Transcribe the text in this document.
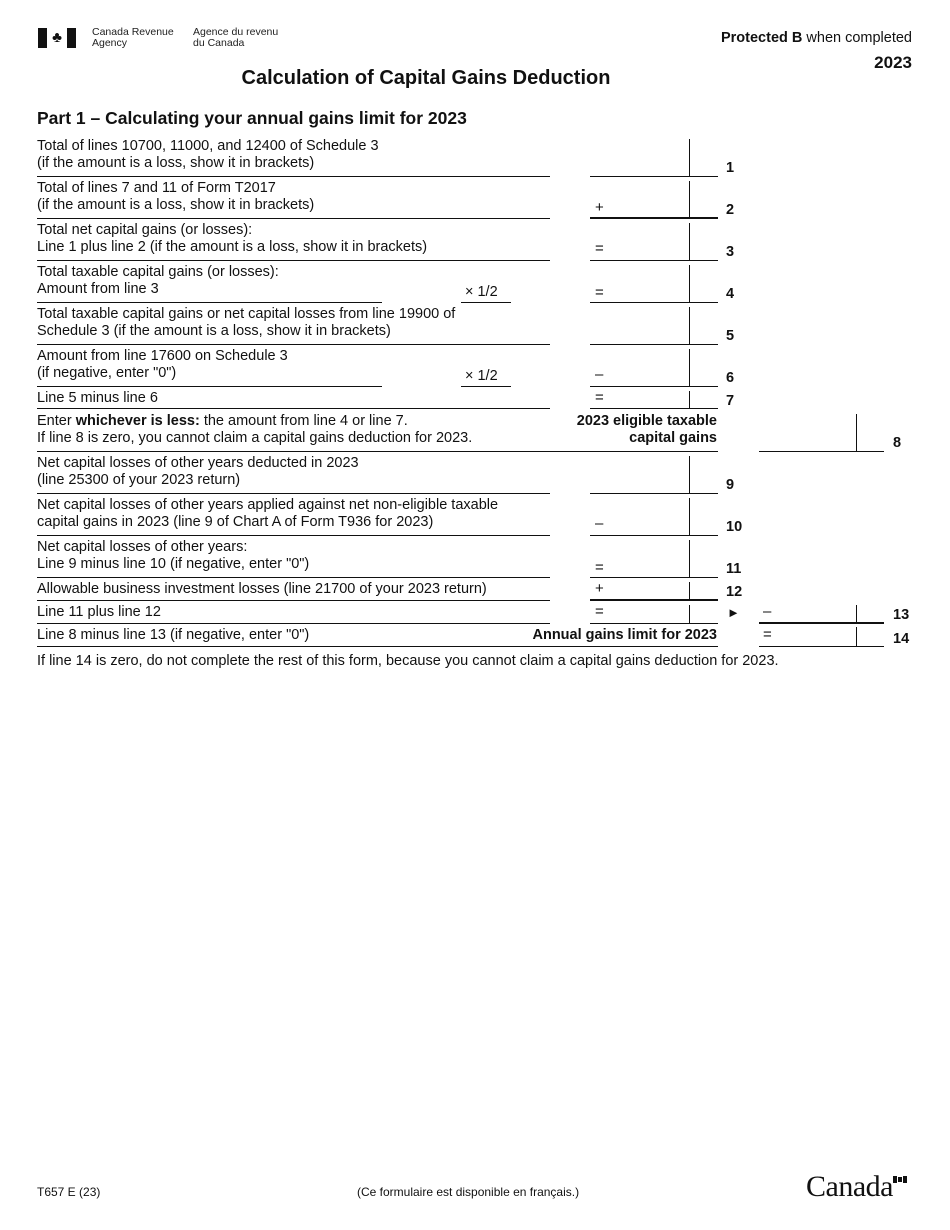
♣	Canada Revenue
Agency
Agence du revenu
du Canada	Protected B when completed
2023
Calculation of Capital Gains Deduction
Part 1 – Calculating your annual gains limit for 2023
Total of lines 10700, 11000, and 12400 of Schedule 3
(if the amount is a loss, show it in brackets)	1
Total of lines 7 and 11 of Form T2017
(if the amount is a loss, show it in brackets)	+	2
Total net capital gains (or losses):
Line 1 plus line 2 (if the amount is a loss, show it in brackets)	=	3
Total taxable capital gains (or losses):
Amount from line 3	× 1/2	=	4
Total taxable capital gains or net capital losses from line 19900 of
Schedule 3 (if the amount is a loss, show it in brackets)	5
Amount from line 17600 on Schedule 3
(if negative, enter "0")	× 1/2	–	6
Line 5 minus line 6	=	7
Enter whichever is less: the amount from line 4 or line 7.
If line 8 is zero, you cannot claim a capital gains deduction for 2023.
2023 eligible taxable
capital gains	8
Net capital losses of other years deducted in 2023
(line 25300 of your 2023 return)	9
Net capital losses of other years applied against net non-eligible taxable
capital gains in 2023 (line 9 of Chart A of Form T936 for 2023)	–	10
Net capital losses of other years:
Line 9 minus line 10 (if negative, enter "0")	=	11
Allowable business investment losses (line 21700 of your 2023 return)	+	12
Line 11 plus line 12	=	► –	13
Line 8 minus line 13 (if negative, enter "0")	Annual gains limit for 2023	=	14
If line 14 is zero, do not complete the rest of this form, because you cannot claim a capital gains deduction for 2023.
T657 E (23)	(Ce formulaire est disponible en français.)	Canada
